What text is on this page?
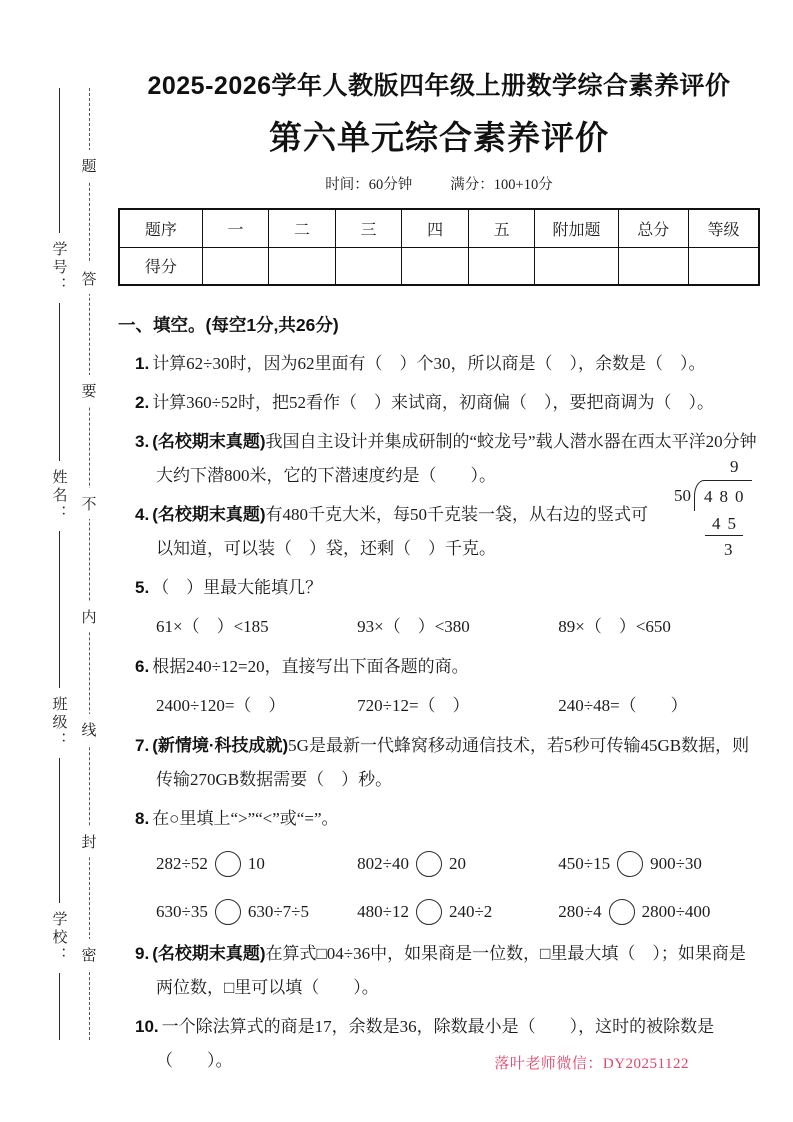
学号：
姓名：
班级：
学校：
题
答
要
不
内
线
封
密
2025-2026学年人教版四年级上册数学综合素养评价
第六单元综合素养评价
时间：60分钟	满分：100+10分
题序	一	二	三	四	五	附加题	总分	等级
得分								
一、填空。(每空1分,共26分)
1. 计算62÷30时，因为62里面有（　）个30，所以商是（　），余数是（　）。
2. 计算360÷52时，把52看作（　）来试商，初商偏（　），要把商调为（　）。
3. (名校期末真题)我国自主设计并集成研制的“蛟龙号”载人潜水器在西太平洋20分钟大约下潜800米，它的下潜速度约是（　　）。
4. (名校期末真题)有480千克大米，每50千克装一袋，从右边的竖式可以知道，可以装（　）袋，还剩（　）千克。
9
50 480
45 3
5. （　）里最大能填几？
61×（　）<185	93×（　）<380	89×（　）<650
6. 根据240÷12=20，直接写出下面各题的商。
2400÷120=（　）	720÷12=（　）	240÷48=（　　）
7. (新情境·科技成就)5G是最新一代蜂窝移动通信技术，若5秒可传输45GB数据，则传输270GB数据需要（　）秒。
8. 在○里填上“>”“<”或“=”。
282÷52 10	802÷40 20	450÷15 900÷30
630÷35 630÷7÷5	480÷12 240÷2	280÷4 2800÷400
9. (名校期末真题)在算式□04÷36中，如果商是一位数，□里最大填（　）；如果商是两位数，□里可以填（　　）。
10. 一个除法算式的商是17，余数是36，除数最小是（　　），这时的被除数是（　　）。	落叶老师微信：DY20251122
